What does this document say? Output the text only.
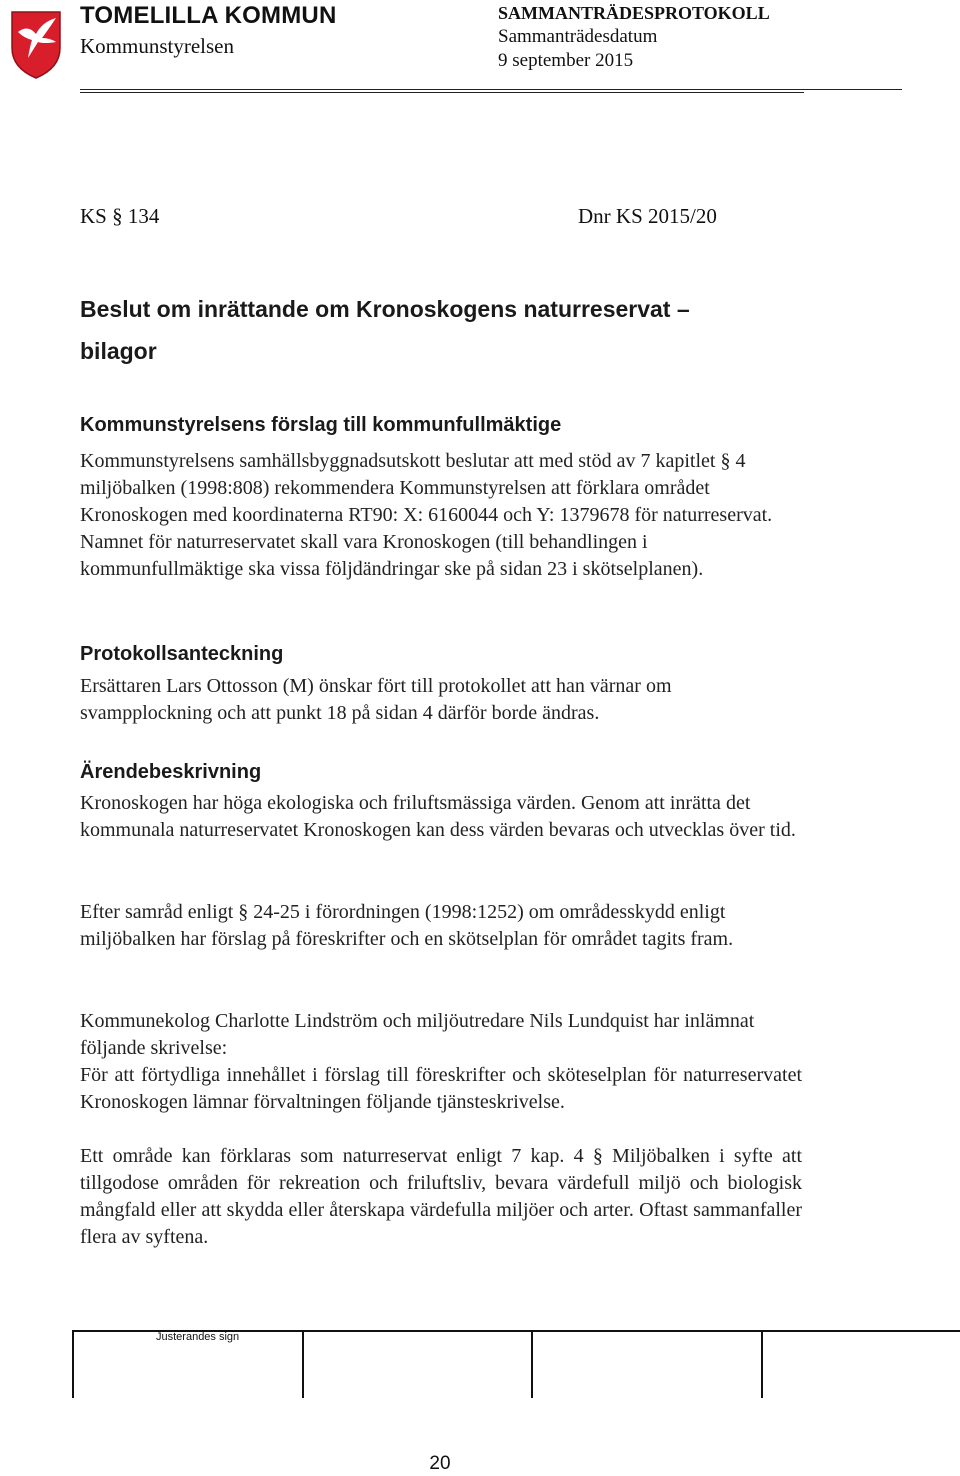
TOMELILLA KOMMUN
Kommunstyrelsen
SAMMANTRÄDESPROTOKOLL
Sammanträdesdatum
9 september 2015
KS § 134	Dnr KS 2015/20
Beslut om inrättande om Kronoskogens naturreservat –
bilagor
Kommunstyrelsens förslag till kommunfullmäktige
Kommunstyrelsens samhällsbyggnadsutskott beslutar att med stöd av 7 kapitlet § 4 miljöbalken (1998:808) rekommendera Kommunstyrelsen att förklara området Kronoskogen med koordinaterna RT90: X: 6160044 och Y: 1379678 för naturreservat. Namnet för naturreservatet skall vara Kronoskogen (till behandlingen i kommunfullmäktige ska vissa följdändringar ske på sidan 23 i skötselplanen).
Protokollsanteckning
Ersättaren Lars Ottosson (M) önskar fört till protokollet att han värnar om svampplockning och att punkt 18 på sidan 4 därför borde ändras.
Ärendebeskrivning
Kronoskogen har höga ekologiska och friluftsmässiga värden. Genom att inrätta det kommunala naturreservatet Kronoskogen kan dess värden bevaras och utvecklas över tid.
Efter samråd enligt § 24-25 i förordningen (1998:1252) om områdesskydd enligt miljöbalken har förslag på föreskrifter och en skötselplan för området tagits fram.
Kommunekolog Charlotte Lindström och miljöutredare Nils Lundquist har inlämnat följande skrivelse:
För att förtydliga innehållet i förslag till föreskrifter och sköteselplan för naturreservatet Kronoskogen lämnar förvaltningen följande tjänsteskrivelse.
Ett område kan förklaras som naturreservat enligt 7 kap. 4 § Miljöbalken i syfte att tillgodose områden för rekreation och friluftsliv, bevara värdefull miljö och biologisk mångfald eller att skydda eller återskapa värdefulla miljöer och arter. Oftast sammanfaller flera av syftena.
Justerandes sign
20
